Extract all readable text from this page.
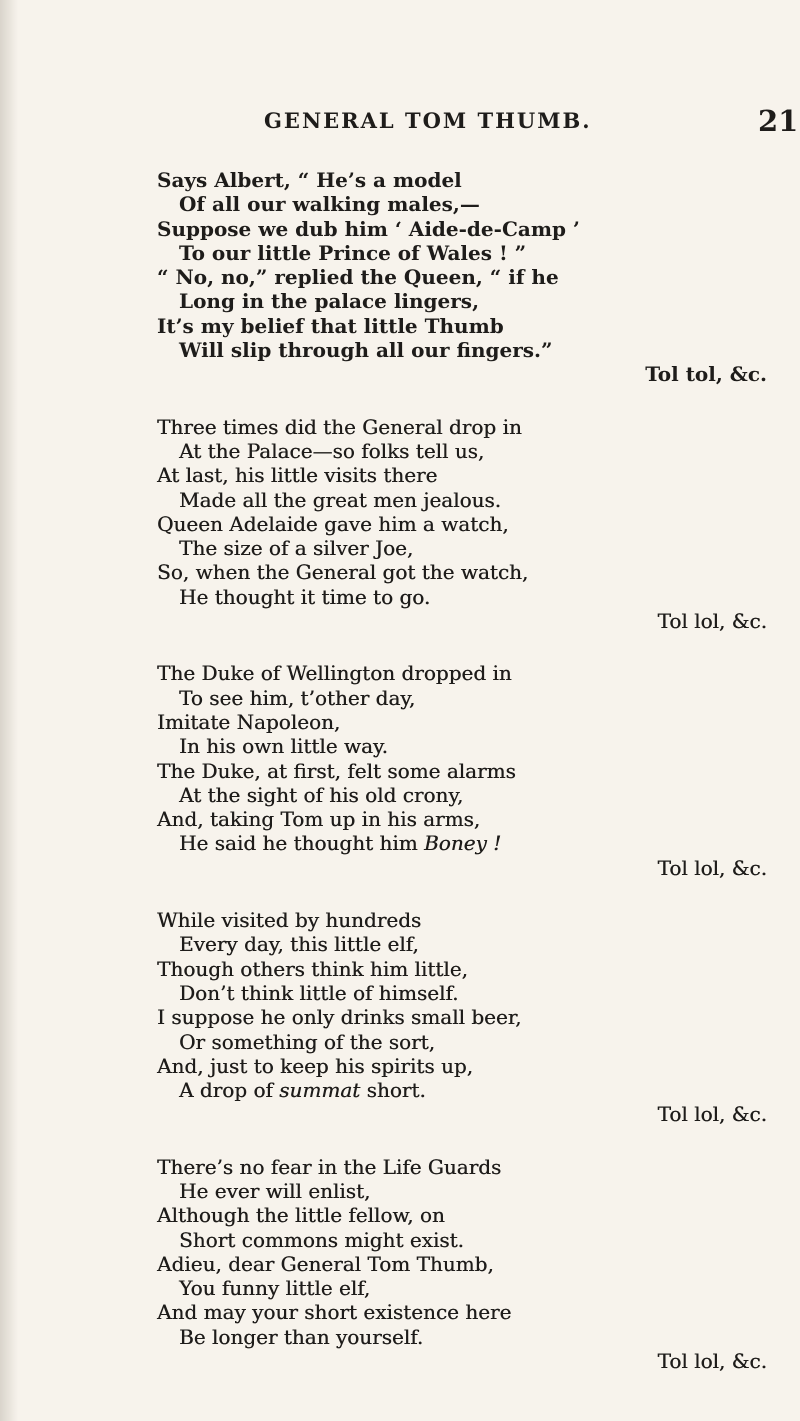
GENERAL TOM THUMB.	21
Says Albert, “ He’s a model
Of all our walking males,—
Suppose we dub him ‘ Aide-de-Camp ’
To our little Prince of Wales ! ”
“ No, no,” replied the Queen, “ if he
Long in the palace lingers,
It’s my belief that little Thumb
Will slip through all our fingers.”
Tol tol, &c.
Three times did the General drop in
At the Palace—so folks tell us,
At last, his little visits there
Made all the great men jealous.
Queen Adelaide gave him a watch,
The size of a silver Joe,
So, when the General got the watch,
He thought it time to go.
Tol lol, &c.
The Duke of Wellington dropped in
To see him, t’other day,
Imitate Napoleon,
In his own little way.
The Duke, at first, felt some alarms
At the sight of his old crony,
And, taking Tom up in his arms,
He said he thought him Boney !
Tol lol, &c.
While visited by hundreds
Every day, this little elf,
Though others think him little,
Don’t think little of himself.
I suppose he only drinks small beer,
Or something of the sort,
And, just to keep his spirits up,
A drop of summat short.
Tol lol, &c.
There’s no fear in the Life Guards
He ever will enlist,
Although the little fellow, on
Short commons might exist.
Adieu, dear General Tom Thumb,
You funny little elf,
And may your short existence here
Be longer than yourself.
Tol lol, &c.
